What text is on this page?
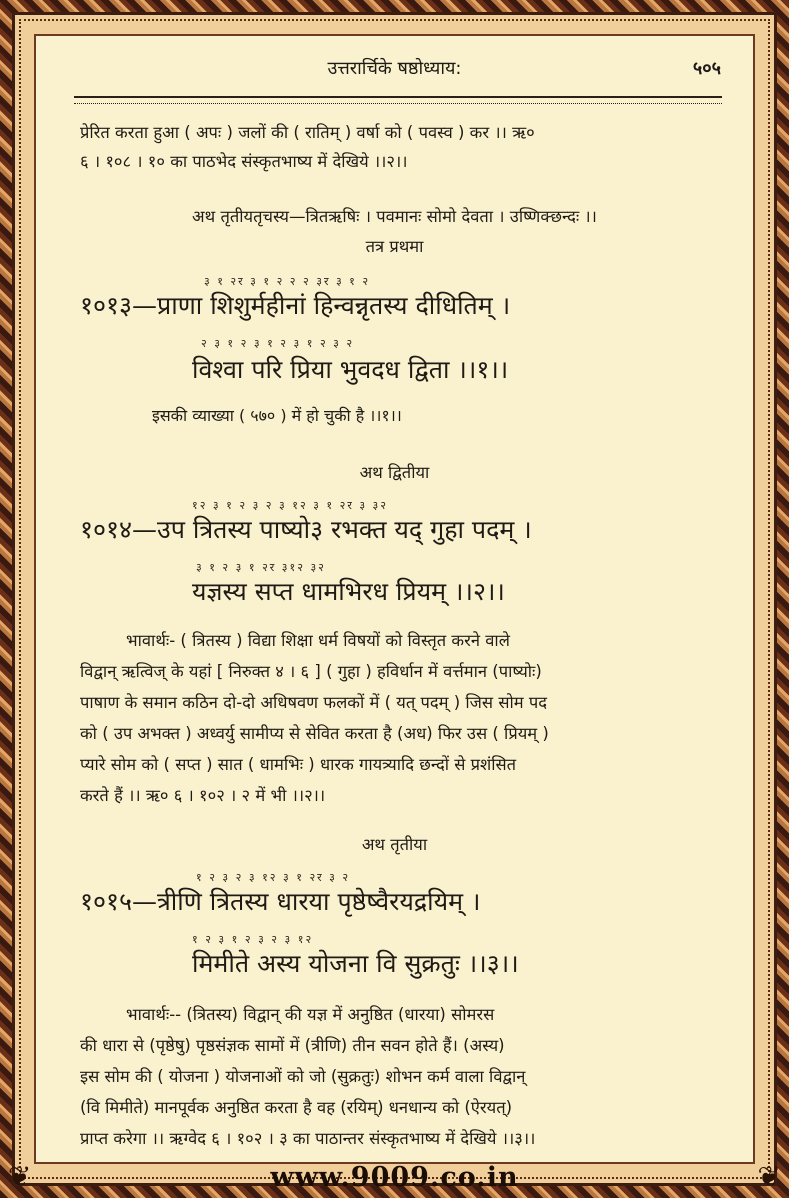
उत्तरार्चिके षष्ठोध्याय:	५०५
प्रेरित करता हुआ ( अपः ) जलों की ( रातिम् ) वर्षा को ( पवस्व ) कर ।। ऋ०
६ । १०८ । १० का पाठभेद संस्कृतभाष्य में देखिये ।।२।।
अथ तृतीयतृचस्य—त्रितऋषिः । पवमानः सोमो देवता । उष्णिक्छन्दः ।।
तत्र प्रथमा
३ १ २र ३ १ २ २ २ ३र ३ १ २
१०१३—प्राणा शिशुर्महीनां हिन्वन्नृतस्य दीधितिम् ।
२ ३ १ २ ३ १ २ ३ १ २ ३ २
विश्वा परि प्रिया भुवदध द्विता ।।१।।
इसकी व्याख्या ( ५७० ) में हो चुकी है ।।१।।
अथ द्वितीया
१२ ३ १ २ ३ २ ३ १२ ३ १ २र ३ ३२
१०१४—उप त्रितस्य पाष्यो३ रभक्त यद् गुहा पदम् ।
३ १ २ ३ १ २र ३१२ ३२
यज्ञस्य सप्त धामभिरध प्रियम् ।।२।।
भावार्थः- ( त्रितस्य ) विद्या शिक्षा धर्म विषयों को विस्तृत करने वाले
विद्वान् ऋत्विज् के यहां [ निरुक्त ४ । ६ ] ( गुहा ) हविर्धान में वर्त्तमान (पाष्योः)
पाषाण के समान कठिन दो-दो अधिषवण फलकों में ( यत् पदम् ) जिस सोम पद
को ( उप अभक्त ) अध्वर्यु सामीप्य से सेवित करता है (अध) फिर उस ( प्रियम् )
प्यारे सोम को ( सप्त ) सात ( धामभिः ) धारक गायत्र्यादि छन्दों से प्रशंसित
करते हैं ।। ऋ० ६ । १०२ । २ में भी ।।२।।
अथ तृतीया
१ २ ३ २ ३ १२ ३ १ २र ३ २
१०१५—त्रीणि त्रितस्य धारया पृष्ठेष्वैरयद्रयिम् ।
१ २ ३ १ २ ३ २ ३ १२
मिमीते अस्य योजना वि सुक्रतुः ।।३।।
भावार्थः-- (त्रितस्य) विद्वान् की यज्ञ में अनुष्ठित (धारया) सोमरस
की धारा से (पृष्ठेषु) पृष्ठसंज्ञक सामों में (त्रीणि) तीन सवन होते हैं। (अस्य)
इस सोम की ( योजना ) योजनाओं को जो (सुक्रतुः) शोभन कर्म वाला विद्वान्
(वि मिमीते) मानपूर्वक अनुष्ठित करता है वह (रयिम्) धनधान्य को (ऐरयत्)
प्राप्त करेगा ।। ऋग्वेद ६ । १०२ । ३ का पाठान्तर संस्कृतभाष्य में देखिये ।।३।।
❦	❦
www.9009.co.in
